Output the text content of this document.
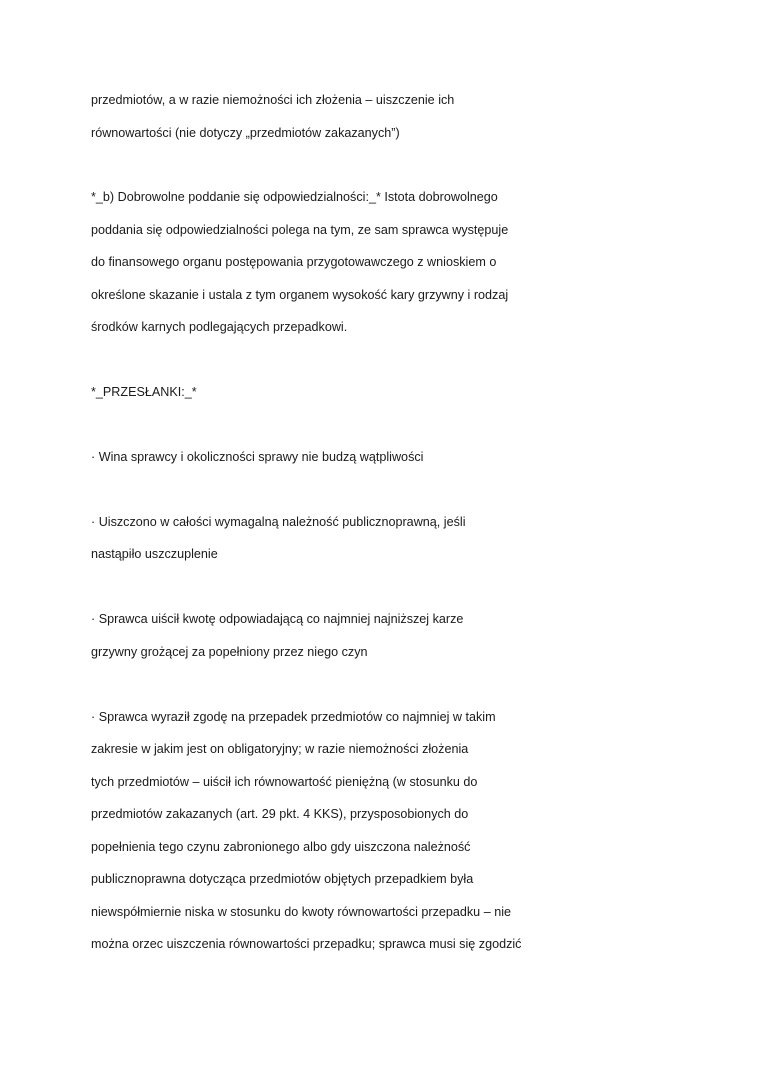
przedmiotów, a w razie niemożności ich złożenia – uiszczenie ich
równowartości (nie dotyczy „przedmiotów zakazanych”)
*_b) Dobrowolne poddanie się odpowiedzialności:_* Istota dobrowolnego
poddania się odpowiedzialności polega na tym, ze sam sprawca występuje
do finansowego organu postępowania przygotowawczego z wnioskiem o
określone skazanie i ustala z tym organem wysokość kary grzywny i rodzaj
środków karnych podlegających przepadkowi.
*_PRZESŁANKI:_*
· Wina sprawcy i okoliczności sprawy nie budzą wątpliwości
· Uiszczono w całości wymagalną należność publicznoprawną, jeśli
nastąpiło uszczuplenie
· Sprawca uiścił kwotę odpowiadającą co najmniej najniższej karze
grzywny grożącej za popełniony przez niego czyn
· Sprawca wyraził zgodę na przepadek przedmiotów co najmniej w takim
zakresie w jakim jest on obligatoryjny; w razie niemożności złożenia
tych przedmiotów – uiścił ich równowartość pieniężną (w stosunku do
przedmiotów zakazanych (art. 29 pkt. 4 KKS), przysposobionych do
popełnienia tego czynu zabronionego albo gdy uiszczona należność
publicznoprawna dotycząca przedmiotów objętych przepadkiem była
niewspółmiernie niska w stosunku do kwoty równowartości przepadku – nie
można orzec uiszczenia równowartości przepadku; sprawca musi się zgodzić
